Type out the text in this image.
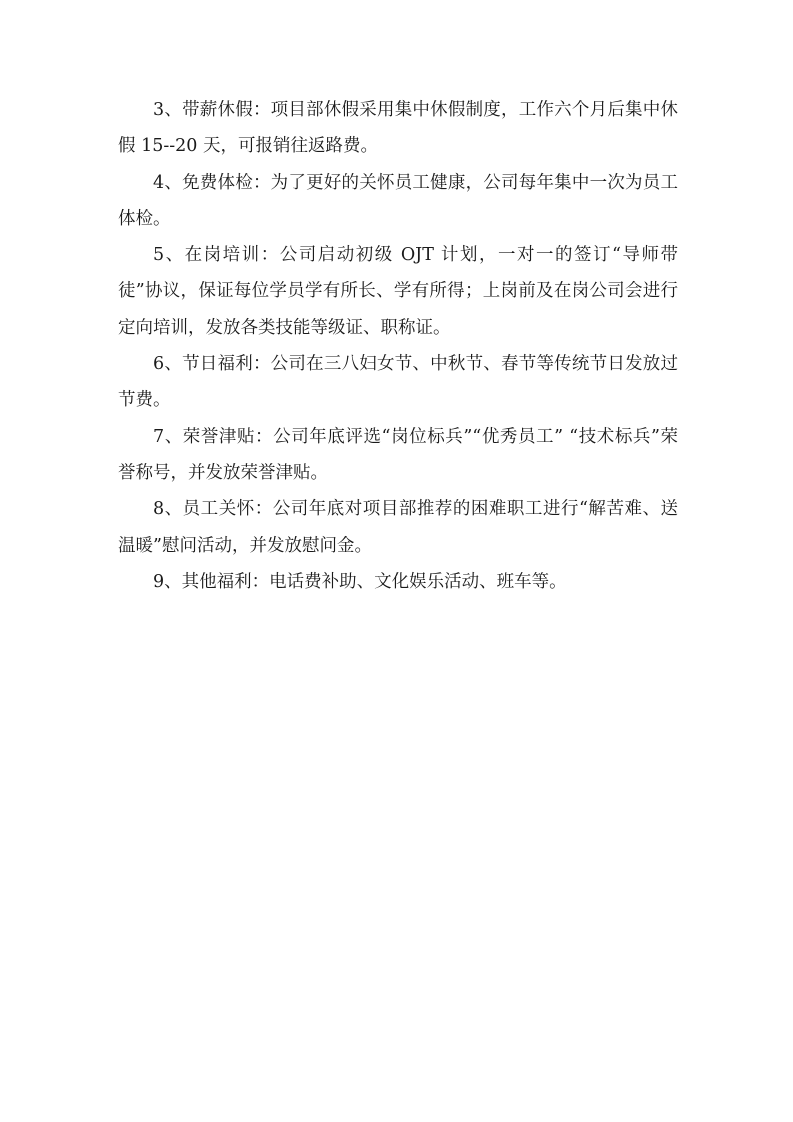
3、带薪休假：项目部休假采用集中休假制度，工作六个月后集中休假 15--20 天，可报销往返路费。

4、免费体检：为了更好的关怀员工健康，公司每年集中一次为员工体检。

5、在岗培训：公司启动初级 OJT 计划，一对一的签订“导师带徒”协议，保证每位学员学有所长、学有所得；上岗前及在岗公司会进行定向培训，发放各类技能等级证、职称证。

6、节日福利：公司在三八妇女节、中秋节、春节等传统节日发放过节费。

7、荣誉津贴：公司年底评选“岗位标兵”“优秀员工” “技术标兵”荣誉称号，并发放荣誉津贴。

8、员工关怀：公司年底对项目部推荐的困难职工进行“解苦难、送温暖”慰问活动，并发放慰问金。

9、其他福利：电话费补助、文化娱乐活动、班车等。
